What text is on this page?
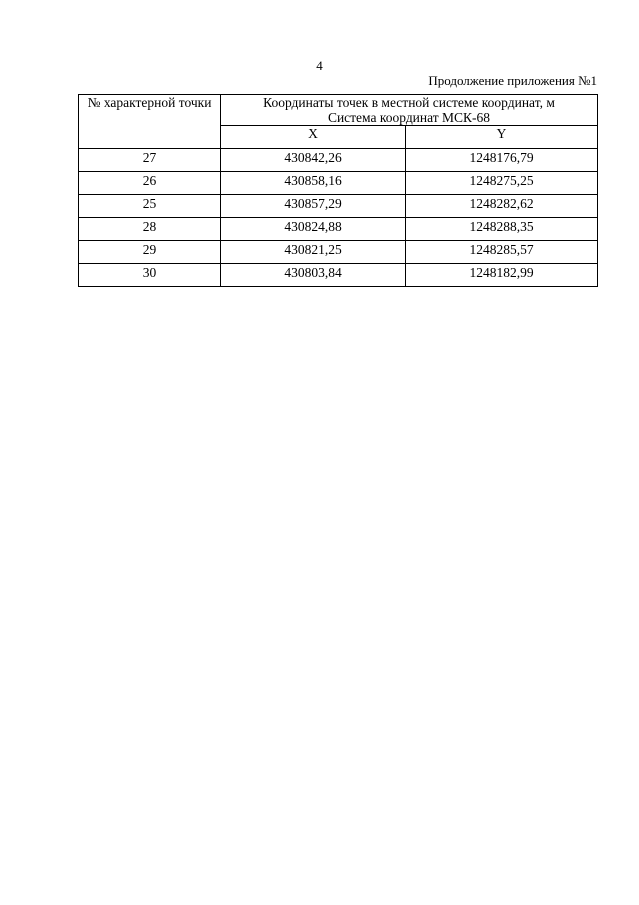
4
Продолжение приложения №1
№ характерной точки	Координаты точек в местной системе координат, м
Система координат МСК-68	

	X	Y
27	430842,26	1248176,79
26	430858,16	1248275,25
25	430857,29	1248282,62
28	430824,88	1248288,35
29	430821,25	1248285,57
30	430803,84	1248182,99
